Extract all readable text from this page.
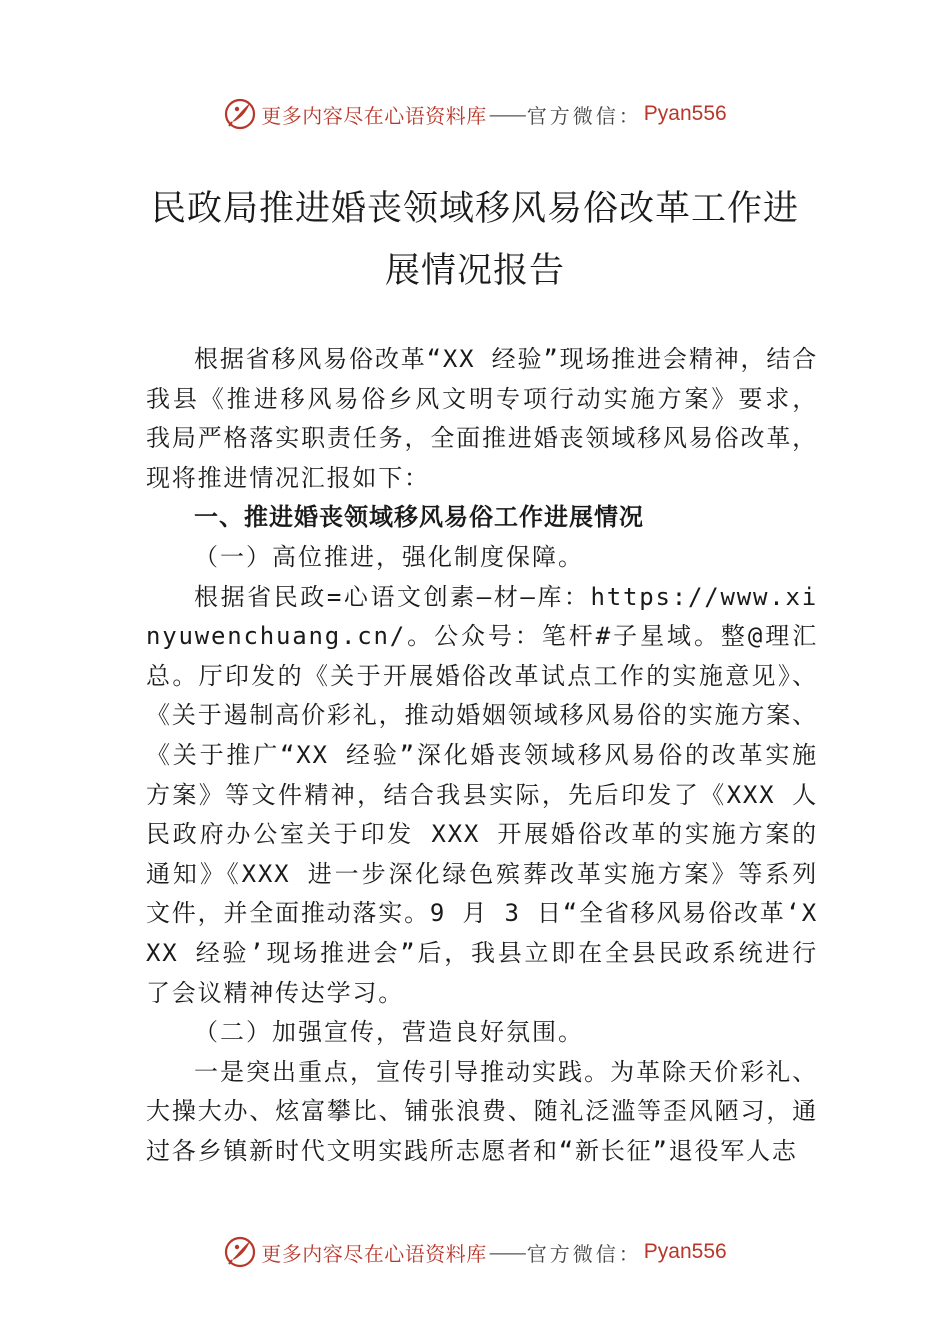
更多内容尽在心语资料库 —— 官方微信： Pyan556
民政局推进婚丧领域移风易俗改革工作进
展情况报告

根据省移风易俗改革“XX 经验”现场推进会精神，结合我县《推进移风易俗乡风文明专项行动实施方案》要求， 我局严格落实职责任务，全面推进婚丧领域移风易俗改革， 现将推进情况汇报如下：

一、推进婚丧领域移风易俗工作进展情况

（一）高位推进，强化制度保障。

根据省民政=心语文创素—材—库：https://www.xinyuwenchuang.cn/。公众号：笔杆#子星域。整@理汇总。厅印发的《关于开展婚俗改革试点工作的实施意见》、《关于遏制高价彩礼，推动婚姻领域移风易俗的实施方案、《关于推广“XX 经验”深化婚丧领域移风易俗的改革实施方案》等文件精神，结合我县实际，先后印发了《XXX 人民政府办公室关于印发 XXX 开展婚俗改革的实施方案的通知》《XXX 进一步深化绿色殡葬改革实施方案》等系列文件，并全面推动落实。9 月 3 日“全省移风易俗改革‘XXX 经验’现场推进会”后，我县立即在全县民政系统进行了会议精神传达学习。

（二）加强宣传，营造良好氛围。

一是突出重点，宣传引导推动实践。为革除天价彩礼、大操大办、炫富攀比、铺张浪费、随礼泛滥等歪风陋习，通过各乡镇新时代文明实践所志愿者和“新长征”退役军人志

更多内容尽在心语资料库 —— 官方微信： Pyan556
